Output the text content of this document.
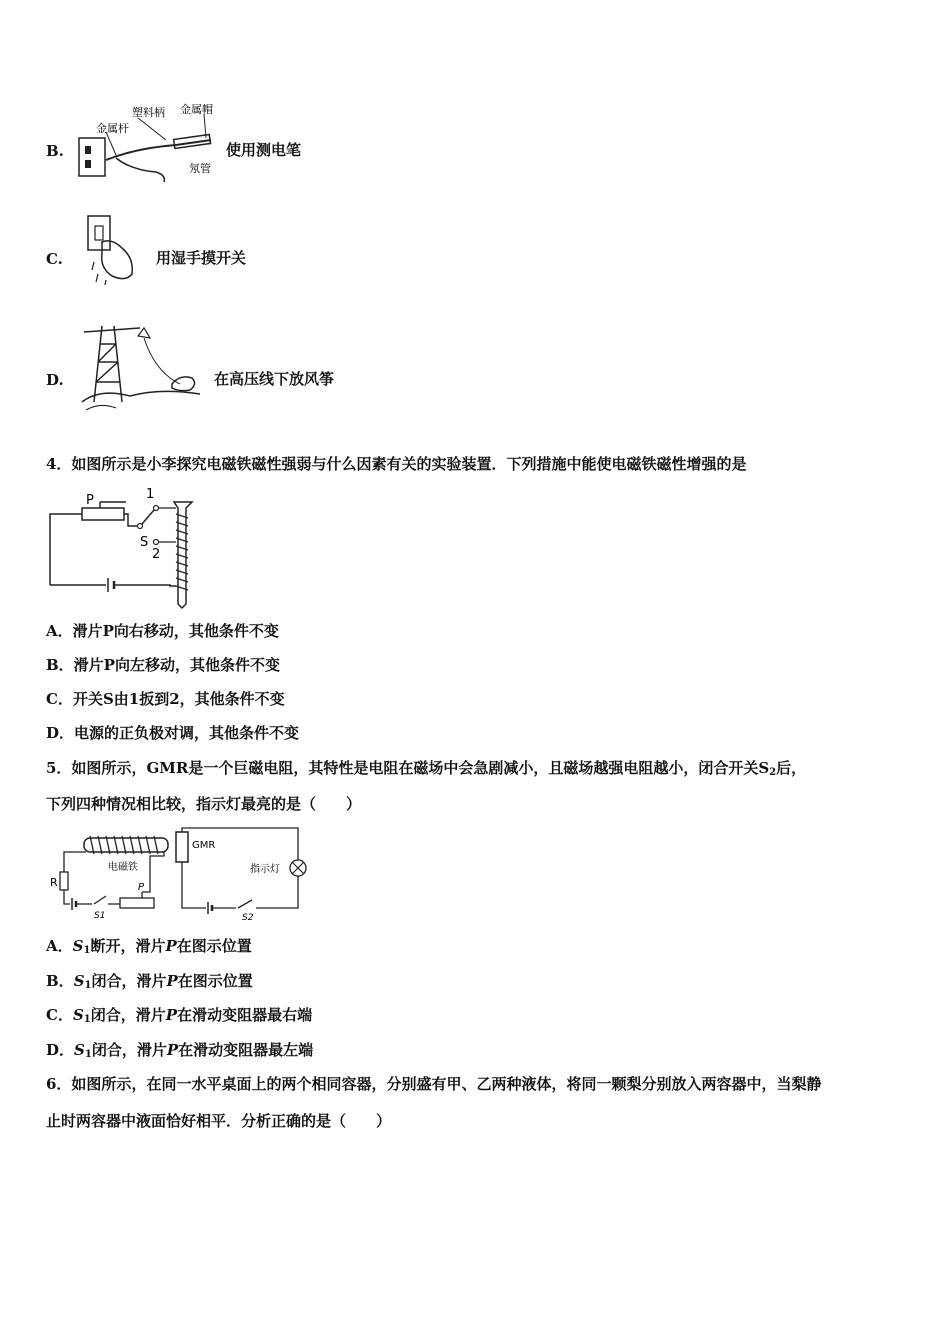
B.
塑料柄 金属帽
金属杆
氖管
使用测电笔
C.	用湿手摸开关
D.	在高压线下放风筝
4．如图所示是小李探究电磁铁磁性强弱与什么因素有关的实验装置．下列措施中能使电磁铁磁性增强的是
P	1
S
2
A．滑片P向右移动，其他条件不变
B．滑片P向左移动，其他条件不变
C．开关S由1扳到2，其他条件不变
D．电源的正负极对调，其他条件不变
5．如图所示，GMR是一个巨磁电阻，其特性是电阻在磁场中会急剧减小，且磁场越强电阻越小，闭合开关$S_2$后，
下列四种情况相比较，指示灯最亮的是（　　）
电磁铁
GMR
指示灯
R	P
S1	S2
A．$S_1$断开，滑片P在图示位置
B．$S_1$闭合，滑片P在图示位置
C．$S_1$闭合，滑片P在滑动变阻器最右端
D．$S_1$闭合，滑片P在滑动变阻器最左端
6．如图所示，在同一水平桌面上的两个相同容器，分别盛有甲、乙两种液体，将同一颗梨分别放入两容器中，当梨静
止时两容器中液面恰好相平．分析正确的是（　　）
